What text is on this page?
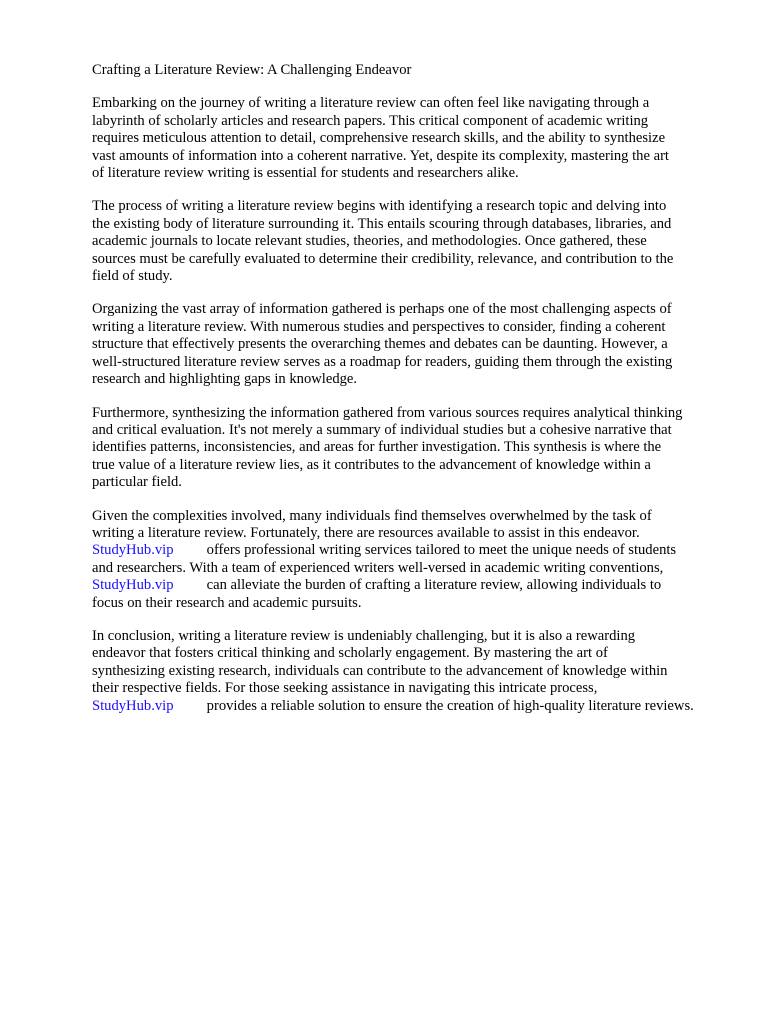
Crafting a Literature Review: A Challenging Endeavor

Embarking on the journey of writing a literature review can often feel like navigating through a
labyrinth of scholarly articles and research papers. This critical component of academic writing
requires meticulous attention to detail, comprehensive research skills, and the ability to synthesize
vast amounts of information into a coherent narrative. Yet, despite its complexity, mastering the art
of literature review writing is essential for students and researchers alike.

The process of writing a literature review begins with identifying a research topic and delving into
the existing body of literature surrounding it. This entails scouring through databases, libraries, and
academic journals to locate relevant studies, theories, and methodologies. Once gathered, these
sources must be carefully evaluated to determine their credibility, relevance, and contribution to the
field of study.

Organizing the vast array of information gathered is perhaps one of the most challenging aspects of
writing a literature review. With numerous studies and perspectives to consider, finding a coherent
structure that effectively presents the overarching themes and debates can be daunting. However, a
well-structured literature review serves as a roadmap for readers, guiding them through the existing
research and highlighting gaps in knowledge.

Furthermore, synthesizing the information gathered from various sources requires analytical thinking
and critical evaluation. It's not merely a summary of individual studies but a cohesive narrative that
identifies patterns, inconsistencies, and areas for further investigation. This synthesis is where the
true value of a literature review lies, as it contributes to the advancement of knowledge within a
particular field.

Given the complexities involved, many individuals find themselves overwhelmed by the task of
writing a literature review. Fortunately, there are resources available to assist in this endeavor.
StudyHub.vip offers professional writing services tailored to meet the unique needs of students
and researchers. With a team of experienced writers well-versed in academic writing conventions,
StudyHub.vip can alleviate the burden of crafting a literature review, allowing individuals to
focus on their research and academic pursuits.

In conclusion, writing a literature review is undeniably challenging, but it is also a rewarding
endeavor that fosters critical thinking and scholarly engagement. By mastering the art of
synthesizing existing research, individuals can contribute to the advancement of knowledge within
their respective fields. For those seeking assistance in navigating this intricate process,
StudyHub.vip provides a reliable solution to ensure the creation of high-quality literature reviews.
